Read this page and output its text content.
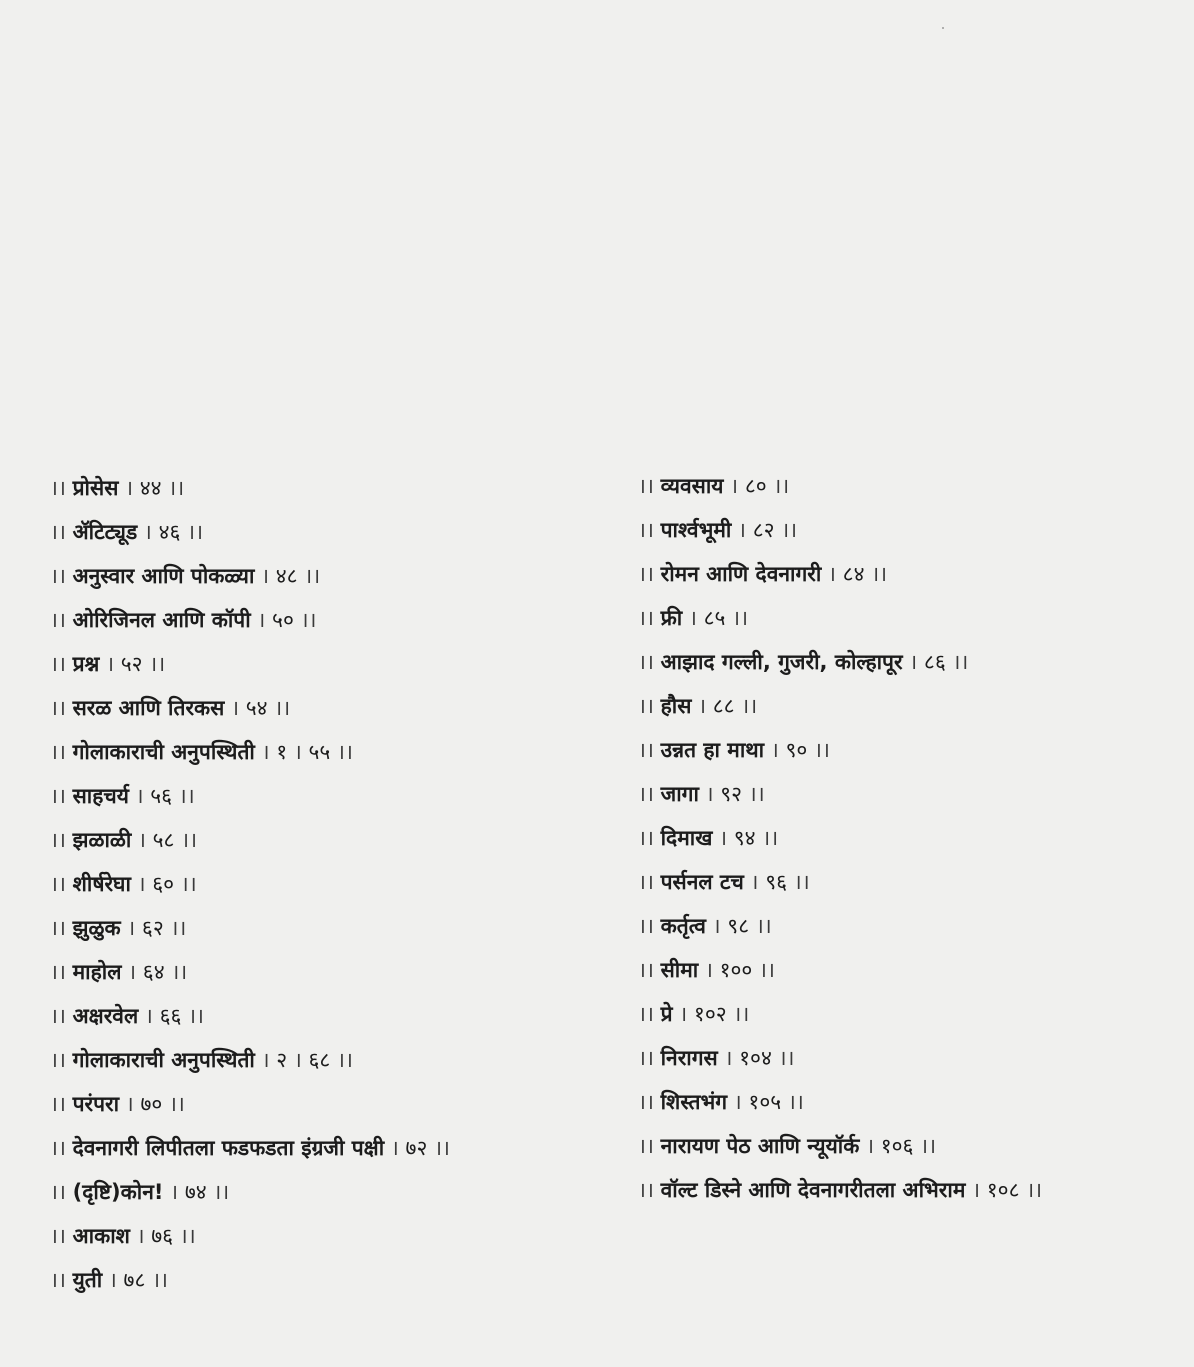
।। प्रोसेस । ४४ ।।
।। ॲटिट्यूड । ४६ ।।
।। अनुस्वार आणि पोकळ्या । ४८ ।।
।। ओरिजिनल आणि कॉपी । ५० ।।
।। प्रश्न । ५२ ।।
।। सरळ आणि तिरकस । ५४ ।।
।। गोलाकाराची अनुपस्थिती । १ । ५५ ।।
।। साहचर्य । ५६ ।।
।। झळाळी । ५८ ।।
।। शीर्षरेघा । ६० ।।
।। झुळुक । ६२ ।।
।। माहोल । ६४ ।।
।। अक्षरवेल । ६६ ।।
।। गोलाकाराची अनुपस्थिती । २ । ६८ ।।
।। परंपरा । ७० ।।
।। देवनागरी लिपीतला फडफडता इंग्रजी पक्षी । ७२ ।।
।। (दृष्टि)कोन! । ७४ ।।
।। आकाश । ७६ ।।
।। युती । ७८ ।।
।। व्यवसाय । ८० ।।
।। पार्श्वभूमी । ८२ ।।
।। रोमन आणि देवनागरी । ८४ ।।
।। फ्री । ८५ ।।
।। आझाद गल्ली, गुजरी, कोल्हापूर । ८६ ।।
।। हौस । ८८ ।।
।। उन्नत हा माथा । ९० ।।
।। जागा । ९२ ।।
।। दिमाख । ९४ ।।
।। पर्सनल टच । ९६ ।।
।। कर्तृत्व । ९८ ।।
।। सीमा । १०० ।।
।। प्रे । १०२ ।।
।। निरागस । १०४ ।।
।। शिस्तभंग । १०५ ।।
।। नारायण पेठ आणि न्यूयॉर्क । १०६ ।।
।। वॉल्ट डिस्ने आणि देवनागरीतला अभिराम । १०८ ।।
